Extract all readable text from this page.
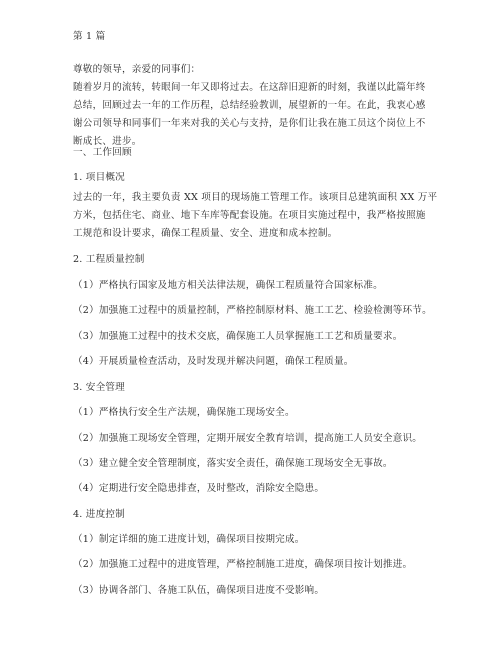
第 1 篇
尊敬的领导，亲爱的同事们：
随着岁月的流转，转眼间一年又即将过去。在这辞旧迎新的时刻，我谨以此篇年终
总结，回顾过去一年的工作历程，总结经验教训，展望新的一年。在此，我衷心感
谢公司领导和同事们一年来对我的关心与支持，是你们让我在施工员这个岗位上不
断成长、进步。
一、工作回顾
1. 项目概况
过去的一年，我主要负责 XX 项目的现场施工管理工作。该项目总建筑面积 XX 万平
方米，包括住宅、商业、地下车库等配套设施。在项目实施过程中，我严格按照施
工规范和设计要求，确保工程质量、安全、进度和成本控制。
2. 工程质量控制
（1）严格执行国家及地方相关法律法规，确保工程质量符合国家标准。
（2）加强施工过程中的质量控制，严格控制原材料、施工工艺、检验检测等环节。
（3）加强施工过程中的技术交底，确保施工人员掌握施工工艺和质量要求。
（4）开展质量检查活动，及时发现并解决问题，确保工程质量。
3. 安全管理
（1）严格执行安全生产法规，确保施工现场安全。
（2）加强施工现场安全管理，定期开展安全教育培训，提高施工人员安全意识。
（3）建立健全安全管理制度，落实安全责任，确保施工现场安全无事故。
（4）定期进行安全隐患排查，及时整改，消除安全隐患。
4. 进度控制
（1）制定详细的施工进度计划，确保项目按期完成。
（2）加强施工过程中的进度管理，严格控制施工进度，确保项目按计划推进。
（3）协调各部门、各施工队伍，确保项目进度不受影响。
